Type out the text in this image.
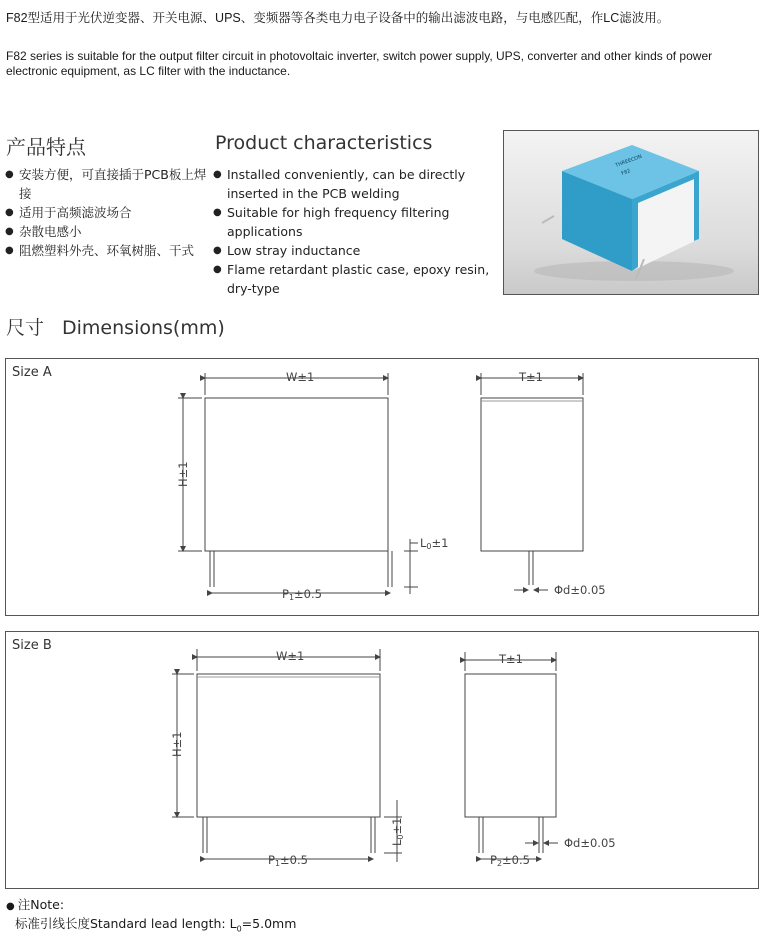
F82型适用于光伏逆变器、开关电源、UPS、变频器等各类电力电子设备中的输出滤波电路，与电感匹配，作LC滤波用。
F82 series is suitable for the output filter circuit in photovoltaic inverter, switch power supply, UPS, converter and other kinds of power electronic equipment, as LC filter with the inductance.
产品特点	Product characteristics
● 安装方便，可直接插于PCB板上焊接
● 适用于高频滤波场合
● 杂散电感小
● 阻燃塑料外壳、环氧树脂、干式
● Installed conveniently, can be directly inserted in the PCB welding
● Suitable for high frequency filtering applications
● Low stray inductance
● Flame retardant plastic case, epoxy resin, dry-type
THREECON
F82
尺寸 Dimensions(mm)
Size A	W±1
H±1
T±1
L0±1
P1±0.5	Φd±0.05
Size B
W±1
H±1
T±1
L0±1
P1±0.5	P2±0.5
Φd±0.05
● 注Note:
标准引线长度Standard lead length: $L_0=5.0mm$
